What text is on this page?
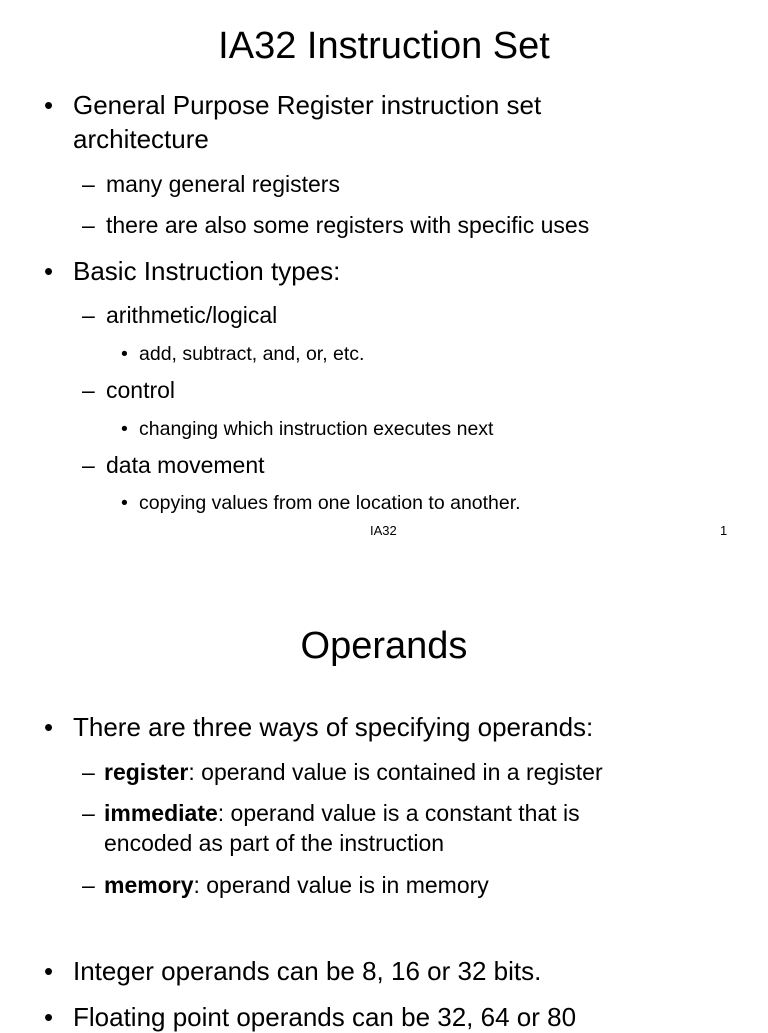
IA32 Instruction Set
• General Purpose Register instruction set
architecture
– many general registers
– there are also some registers with specific uses
• Basic Instruction types:
– arithmetic/logical
• add, subtract, and, or, etc.
– control
• changing which instruction executes next
– data movement
• copying values from one location to another.
IA32	1
Operands
• There are three ways of specifying operands:
– register: operand value is contained in a register
– immediate: operand value is a constant that is
encoded as part of the instruction
– memory: operand value is in memory
• Integer operands can be 8, 16 or 32 bits.
• Floating point operands can be 32, 64 or 80
